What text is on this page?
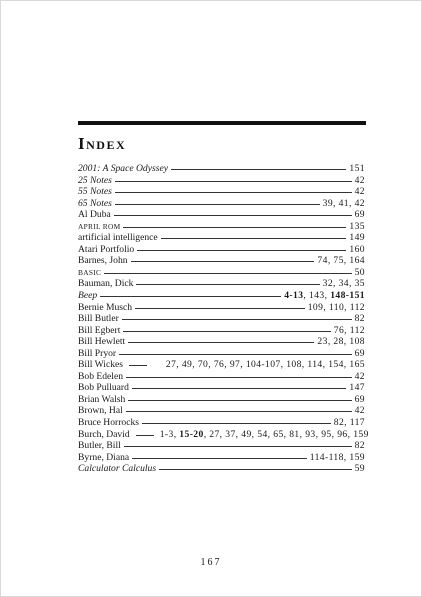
Index
2001: A Space Odyssey	151
25 Notes	42
55 Notes	42
65 Notes	39, 41, 42
Al Duba	69
APRIL ROM	135
artificial intelligence	149
Atari Portfolio	160
Barnes, John	74, 75, 164
BASIC	50
Bauman, Dick	32, 34, 35
Beep	4-13, 143, 148-151
Bernie Musch	109, 110, 112
Bill Butler	82
Bill Egbert	76, 112
Bill Hewlett	23, 28, 108
Bill Pryor	69
Bill Wickes	27, 49, 70, 76, 97, 104-107, 108, 114, 154, 165
Bob Edelen	42
Bob Pulluard	147
Brian Walsh	69
Brown, Hal	42
Bruce Horrocks	82, 117
Burch, David	1-3, 15-20, 27, 37, 49, 54, 65, 81, 93, 95, 96, 159
Butler, Bill	82
Byrne, Diana	114-118, 159
Calculator Calculus	59
167
